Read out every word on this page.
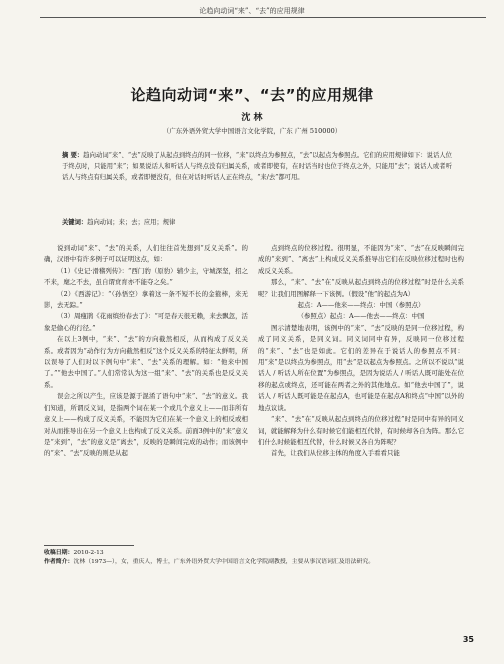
论趋向动词“来”、“去”的应用规律
论趋向动词“来”、“去”的应用规律
沈 林
（广东外语外贸大学中国语言文化学院，广东 广州 510000）
摘 要：趋向动词“来”、“去”反映了从起点到终点的同一位移，“来”以终点为参照点，“去”以起点为参照点。它们的应用规律如下：说话人位于终点时，只能用“来”；如果说话人和听话人与终点没有归属关系，或者即使有，在时话当时也位于终点之外，只能用“去”；说话人或者听话人与终点有归属关系，或者即便没有，但在对话时听话人正在终点，“来/去”都可用。
关键词：趋向动词；来；去；应用；规律

说到动词“来”、“去”的关系，人们往往首先想到“反义关系”。的确，汉语中有许多例子可以证明这点，如：

（1）《史记·滑稽列传》：“西门豹（原豹）辅少主，守城深坚，招之不来，麾之不去，虽自谓贲育亦不能夺之矣。”

（2）《西游记》：“（孙悟空）拿着这一条不短不长的金箍棒，来无影，去无踪。”

（3）周瘦鹃《花雨缤纷春去了》：“可是春天很无赖，来去飘忽，活象是偷心的行径。”

在以上3例中，“来”、“去”的方向截然相反，从而构成了反义关系。或者因为“动作行为方向截然相反”这个反义关系的特征太鲜明，所以误导了人们对以下例句中“来”、“去”关系的理解。如：“他来中国了。”“他去中国了。”人们常常认为这一组“来”、“去”的关系也是反义关系。

误会之所以产生，应该是源于混淆了语句中“来”、“去”的意义。我们知道，所谓反义词，是指两个词在某一个或几个意义上——而非所有意义上——构成了反义关系，不能因为它们在某一个意义上的相反或相对从而推导出在另一个意义上也构成了反义关系。前面3例中的“来”意义是“来到”，“去”的意义是“离去”，反映的是瞬间完成的动作；而该例中的“来”、“去”反映的则是从起

点到终点的位移过程。很明显，不能因为“来”、“去”在反映瞬间完成的“来到”、“离去”上构成反义关系推导出它们在反映位移过程时也构成反义关系。

那么，“来”、“去”在“反映从起点到终点的位移过程”时是什么关系呢？让我们用图解释一下该例。（假设“他”的起点为A）

起点：A——他来——终点：中国（参照点）

（参照点）起点：A——他去——终点：中国

图示清楚地表明，该例中的“来”、“去”反映的是同一位移过程，构成了同义关系，是同义词。同义词同中有异，反映同一位移过程的“来”、“去”也是如此。它们的差异在于说话人的参照点不同：用“来”是以终点为参照点，用“去”是以起点为参照点。之所以不说以“说话人 / 听话人所在位置”为参照点，是因为说话人 / 听话人既可能处在位移的起点或终点，还可能在两者之外的其他地点。如“他去中国了”，说话人 / 听话人既可能是在起点A，也可能是在起点A和终点“中国”以外的地点议谈。

“来”、“去”在“反映从起点到终点的位移过程”时是同中有异的同义词，就能解释为什么有时候它们能相互代替，有时候却各自为阵。那么它们什么时候能相互代替，什么时候又各自为阵呢？

首先，让我们从位移主体的角度入手看看只能

收稿日期：2010-2-13

作者简介：沈林（1973—），女，重庆人，博士，广东外语外贸大学中国语言文化学院副教授，主要从事汉语词汇及语法研究。

35
